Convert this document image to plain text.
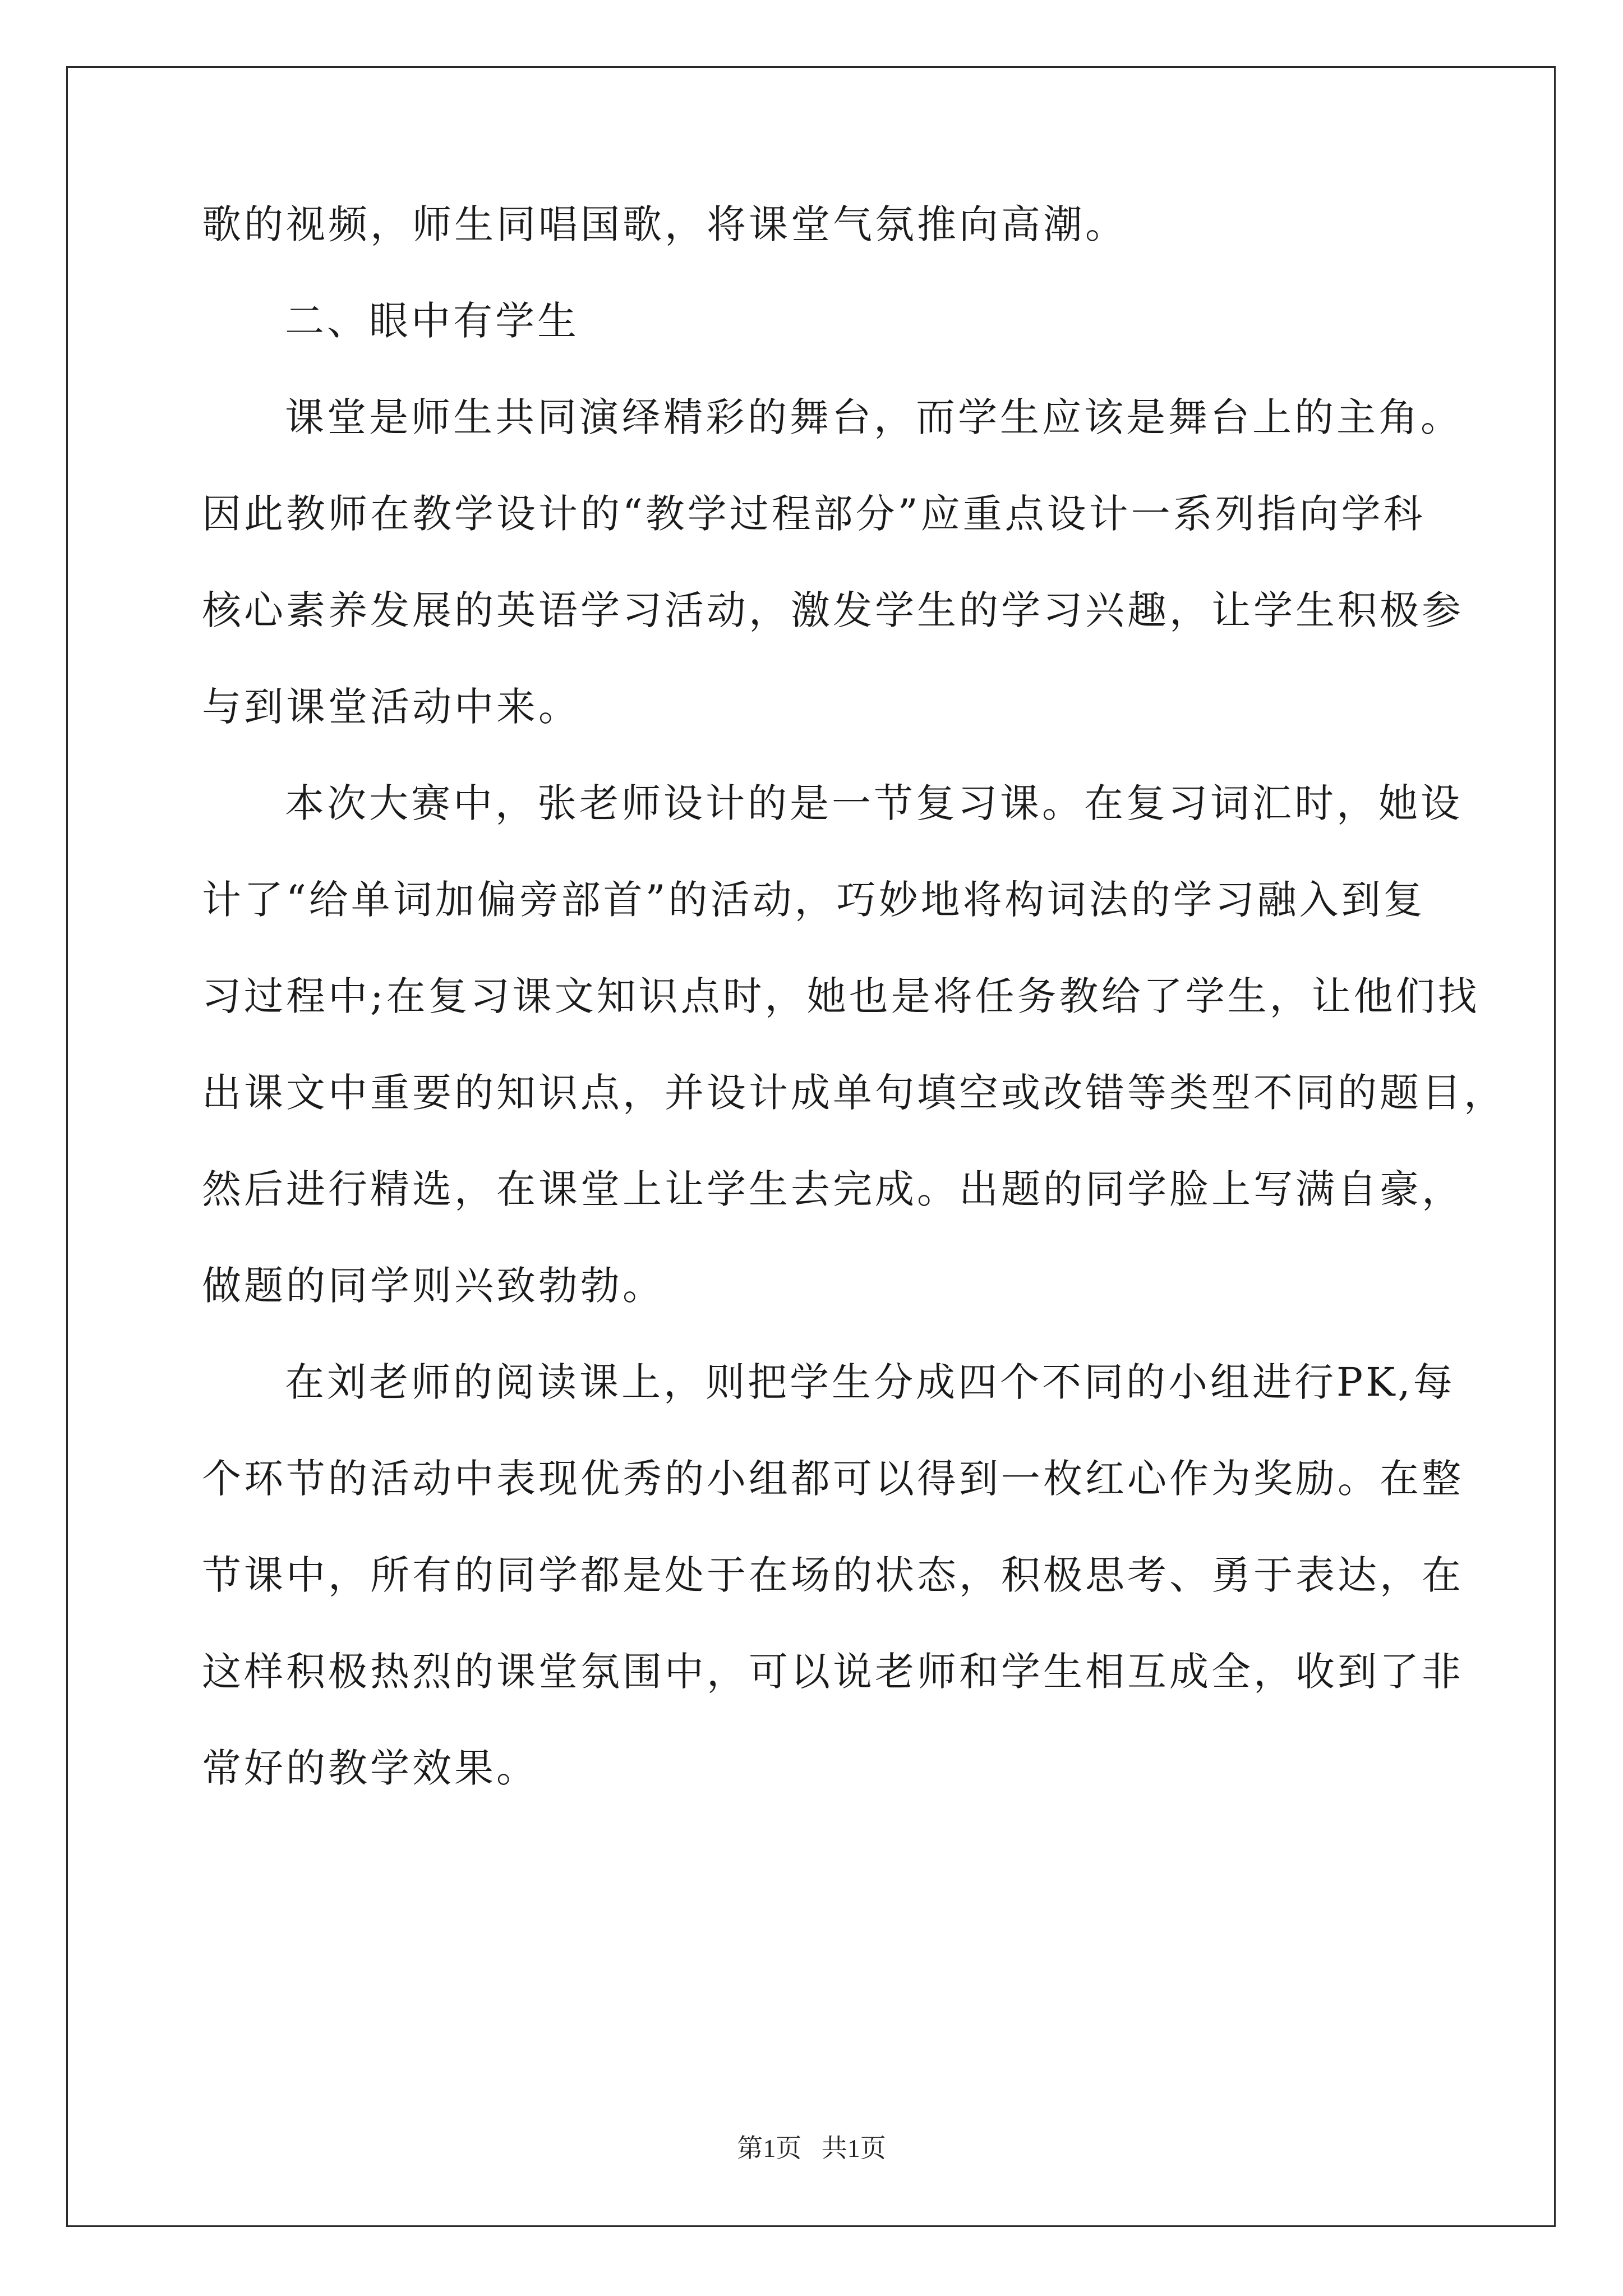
歌的视频，师生同唱国歌，将课堂气氛推向高潮。
二、眼中有学生
课堂是师生共同演绎精彩的舞台，而学生应该是舞台上的主角。
因此教师在教学设计的“教学过程部分”应重点设计一系列指向学科
核心素养发展的英语学习活动，激发学生的学习兴趣，让学生积极参
与到课堂活动中来。
本次大赛中，张老师设计的是一节复习课。在复习词汇时，她设
计了“给单词加偏旁部首”的活动，巧妙地将构词法的学习融入到复
习过程中;在复习课文知识点时，她也是将任务教给了学生，让他们找
出课文中重要的知识点，并设计成单句填空或改错等类型不同的题目，
然后进行精选，在课堂上让学生去完成。出题的同学脸上写满自豪，
做题的同学则兴致勃勃。
在刘老师的阅读课上，则把学生分成四个不同的小组进行PK,每
个环节的活动中表现优秀的小组都可以得到一枚红心作为奖励。在整
节课中，所有的同学都是处于在场的状态，积极思考、勇于表达，在
这样积极热烈的课堂氛围中，可以说老师和学生相互成全，收到了非
常好的教学效果。
第1页 共1页
